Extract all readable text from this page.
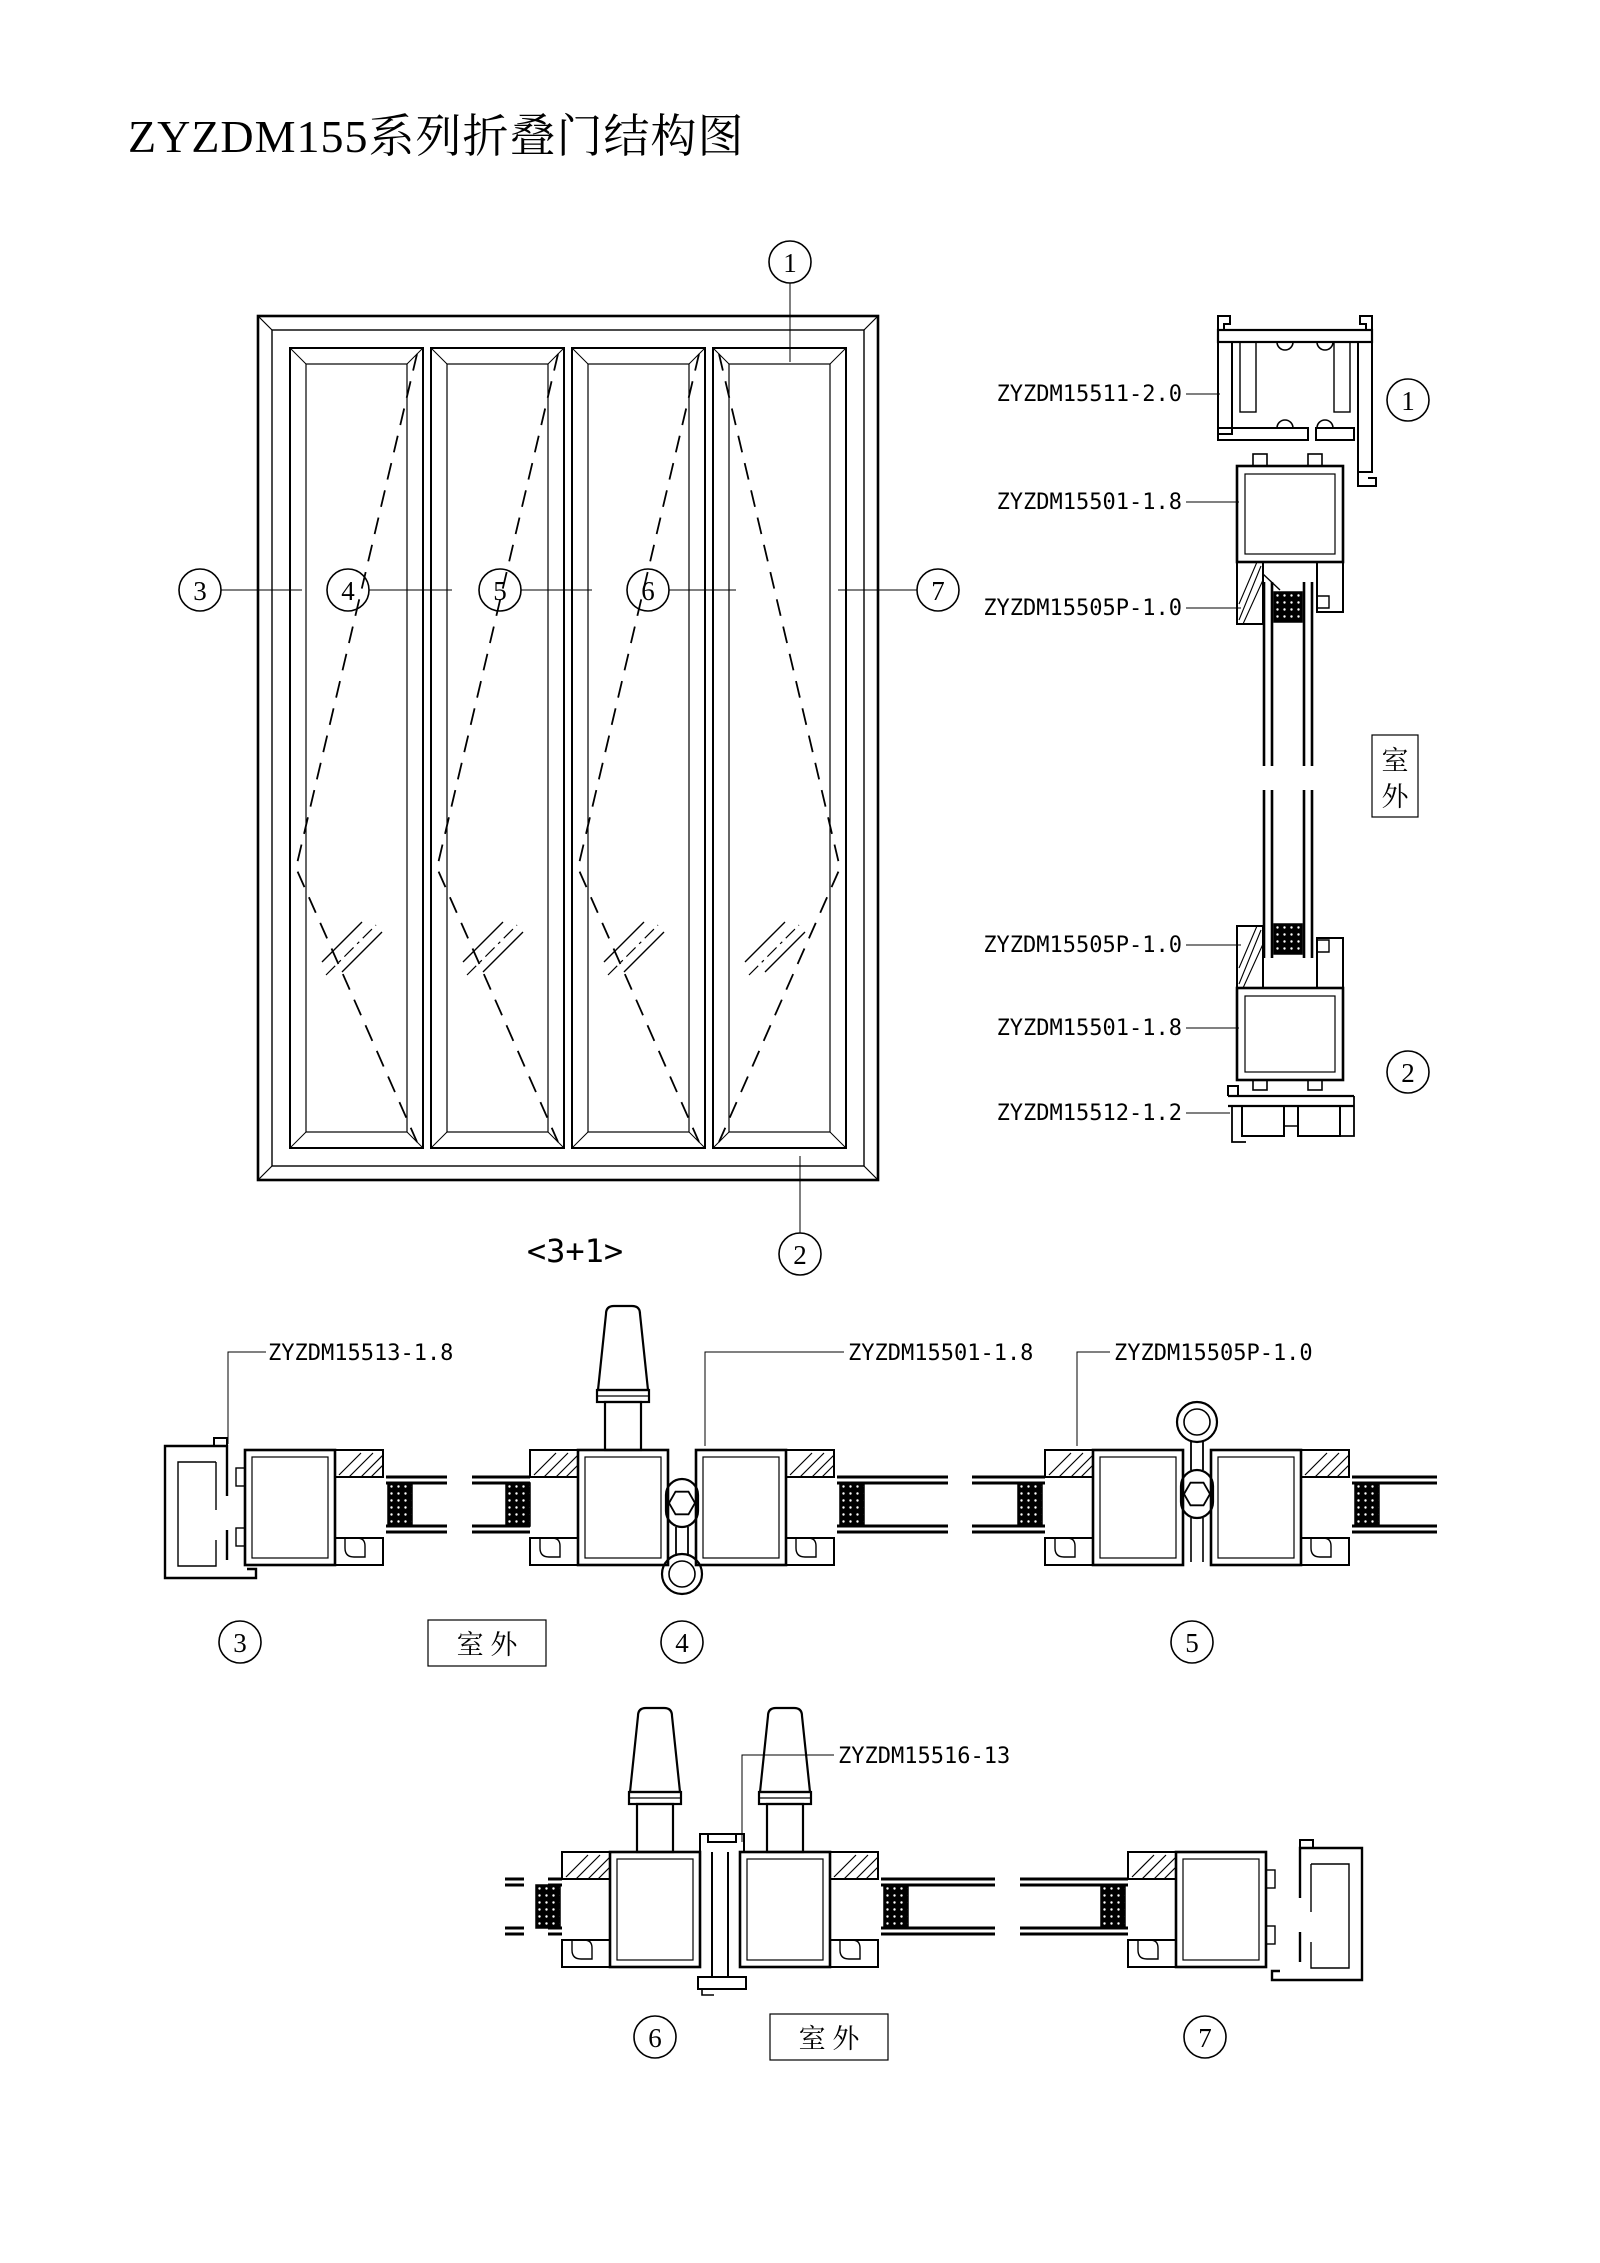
ZYZDM155系列折叠门结构图
1
2
3	4	5	6	7
<3+1>
室
外
1
2
ZYZDM15511-2.0
ZYZDM15501-1.8
ZYZDM15505P-1.0
ZYZDM15505P-1.0
ZYZDM15501-1.8
ZYZDM15512-1.2
ZYZDM15513-1.8	ZYZDM15501-1.8	ZYZDM15505P-1.0
3	室 外	4	5
ZYZDM15516-13
6	室 外	7
